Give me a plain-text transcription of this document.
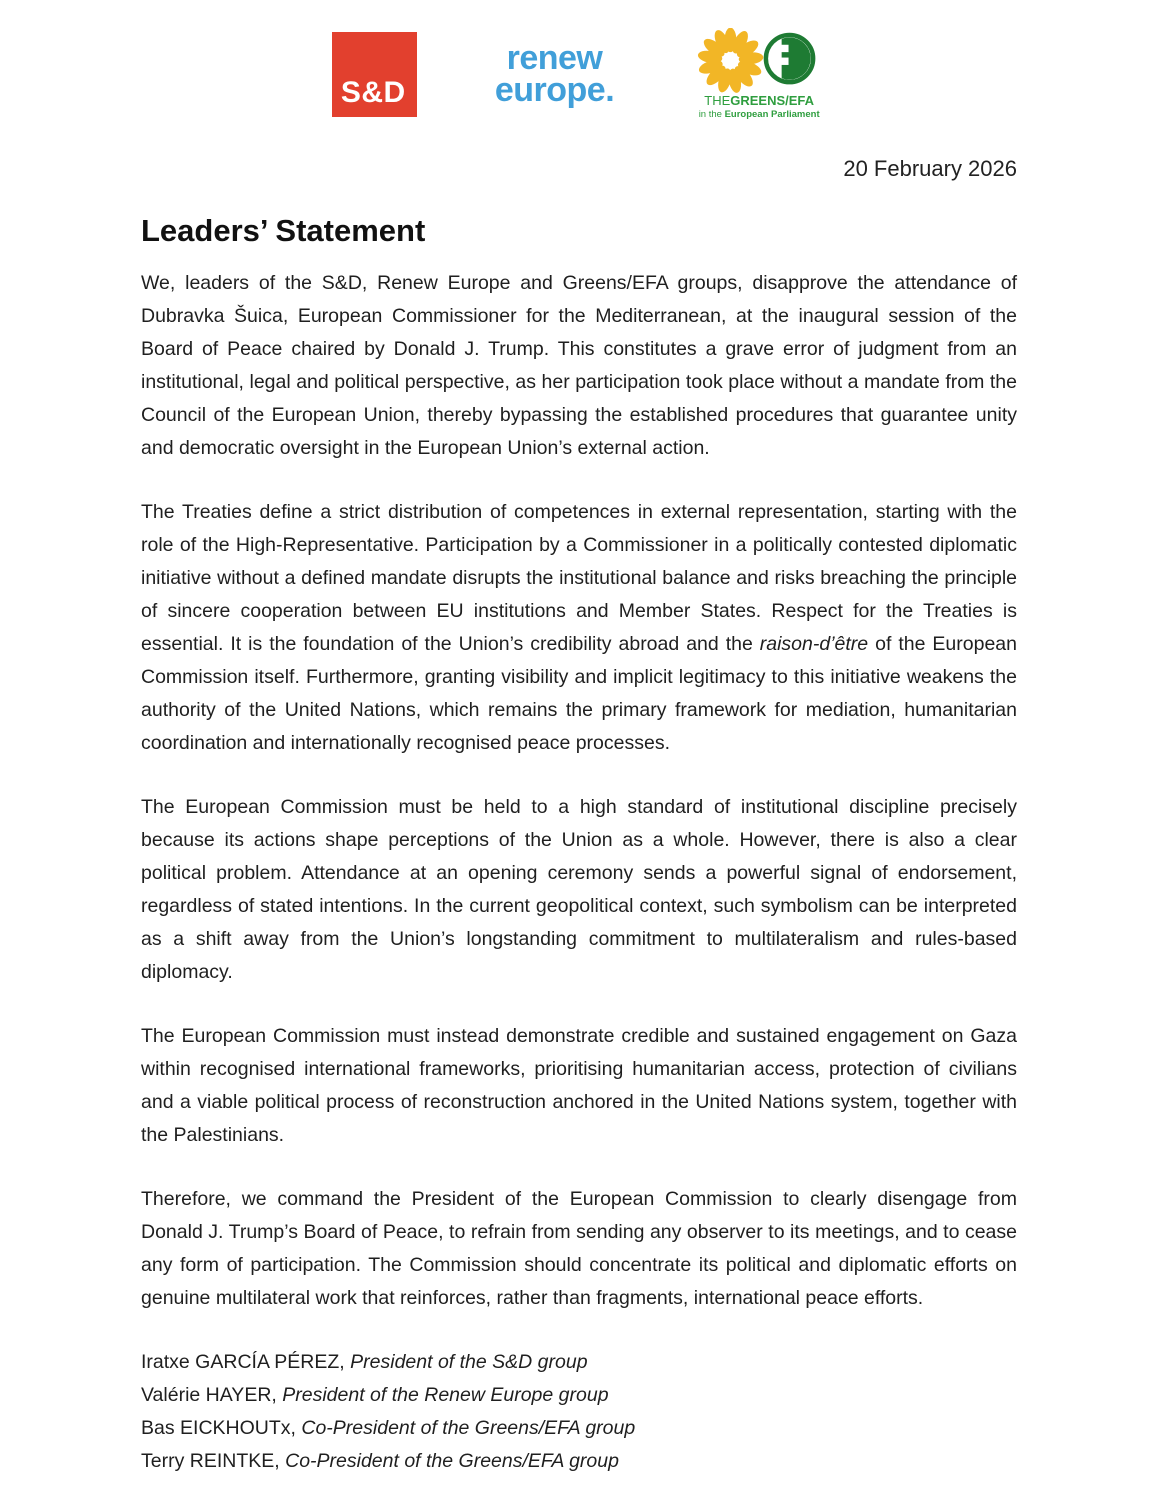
S&D
renew
europe.	THEGREENS/EFA
in the European Parliament
20 February 2026
Leaders’ Statement

We, leaders of the S&D, Renew Europe and Greens/EFA groups, disapprove the attendance of Dubravka Šuica, European Commissioner for the Mediterranean, at the inaugural session of the Board of Peace chaired by Donald J. Trump. This constitutes a grave error of judgment from an institutional, legal and political perspective, as her participation took place without a mandate from the Council of the European Union, thereby bypassing the established procedures that guarantee unity and democratic oversight in the European Union’s external action.

The Treaties define a strict distribution of competences in external representation, starting with the role of the High-Representative. Participation by a Commissioner in a politically contested diplomatic initiative without a defined mandate disrupts the institutional balance and risks breaching the principle of sincere cooperation between EU institutions and Member States. Respect for the Treaties is essential. It is the foundation of the Union’s credibility abroad and the raison-d’être of the European Commission itself. Furthermore, granting visibility and implicit legitimacy to this initiative weakens the authority of the United Nations, which remains the primary framework for mediation, humanitarian coordination and internationally recognised peace processes.

The European Commission must be held to a high standard of institutional discipline precisely because its actions shape perceptions of the Union as a whole. However, there is also a clear political problem. Attendance at an opening ceremony sends a powerful signal of endorsement, regardless of stated intentions. In the current geopolitical context, such symbolism can be interpreted as a shift away from the Union’s longstanding commitment to multilateralism and rules-based diplomacy.

The European Commission must instead demonstrate credible and sustained engagement on Gaza within recognised international frameworks, prioritising humanitarian access, protection of civilians and a viable political process of reconstruction anchored in the United Nations system, together with the Palestinians.

Therefore, we command the President of the European Commission to clearly disengage from Donald J. Trump’s Board of Peace, to refrain from sending any observer to its meetings, and to cease any form of participation. The Commission should concentrate its political and diplomatic efforts on genuine multilateral work that reinforces, rather than fragments, international peace efforts.

Iratxe GARCÍA PÉREZ, President of the S&D group
Valérie HAYER, President of the Renew Europe group
Bas EICKHOUTx, Co-President of the Greens/EFA group
Terry REINTKE, Co-President of the Greens/EFA group
